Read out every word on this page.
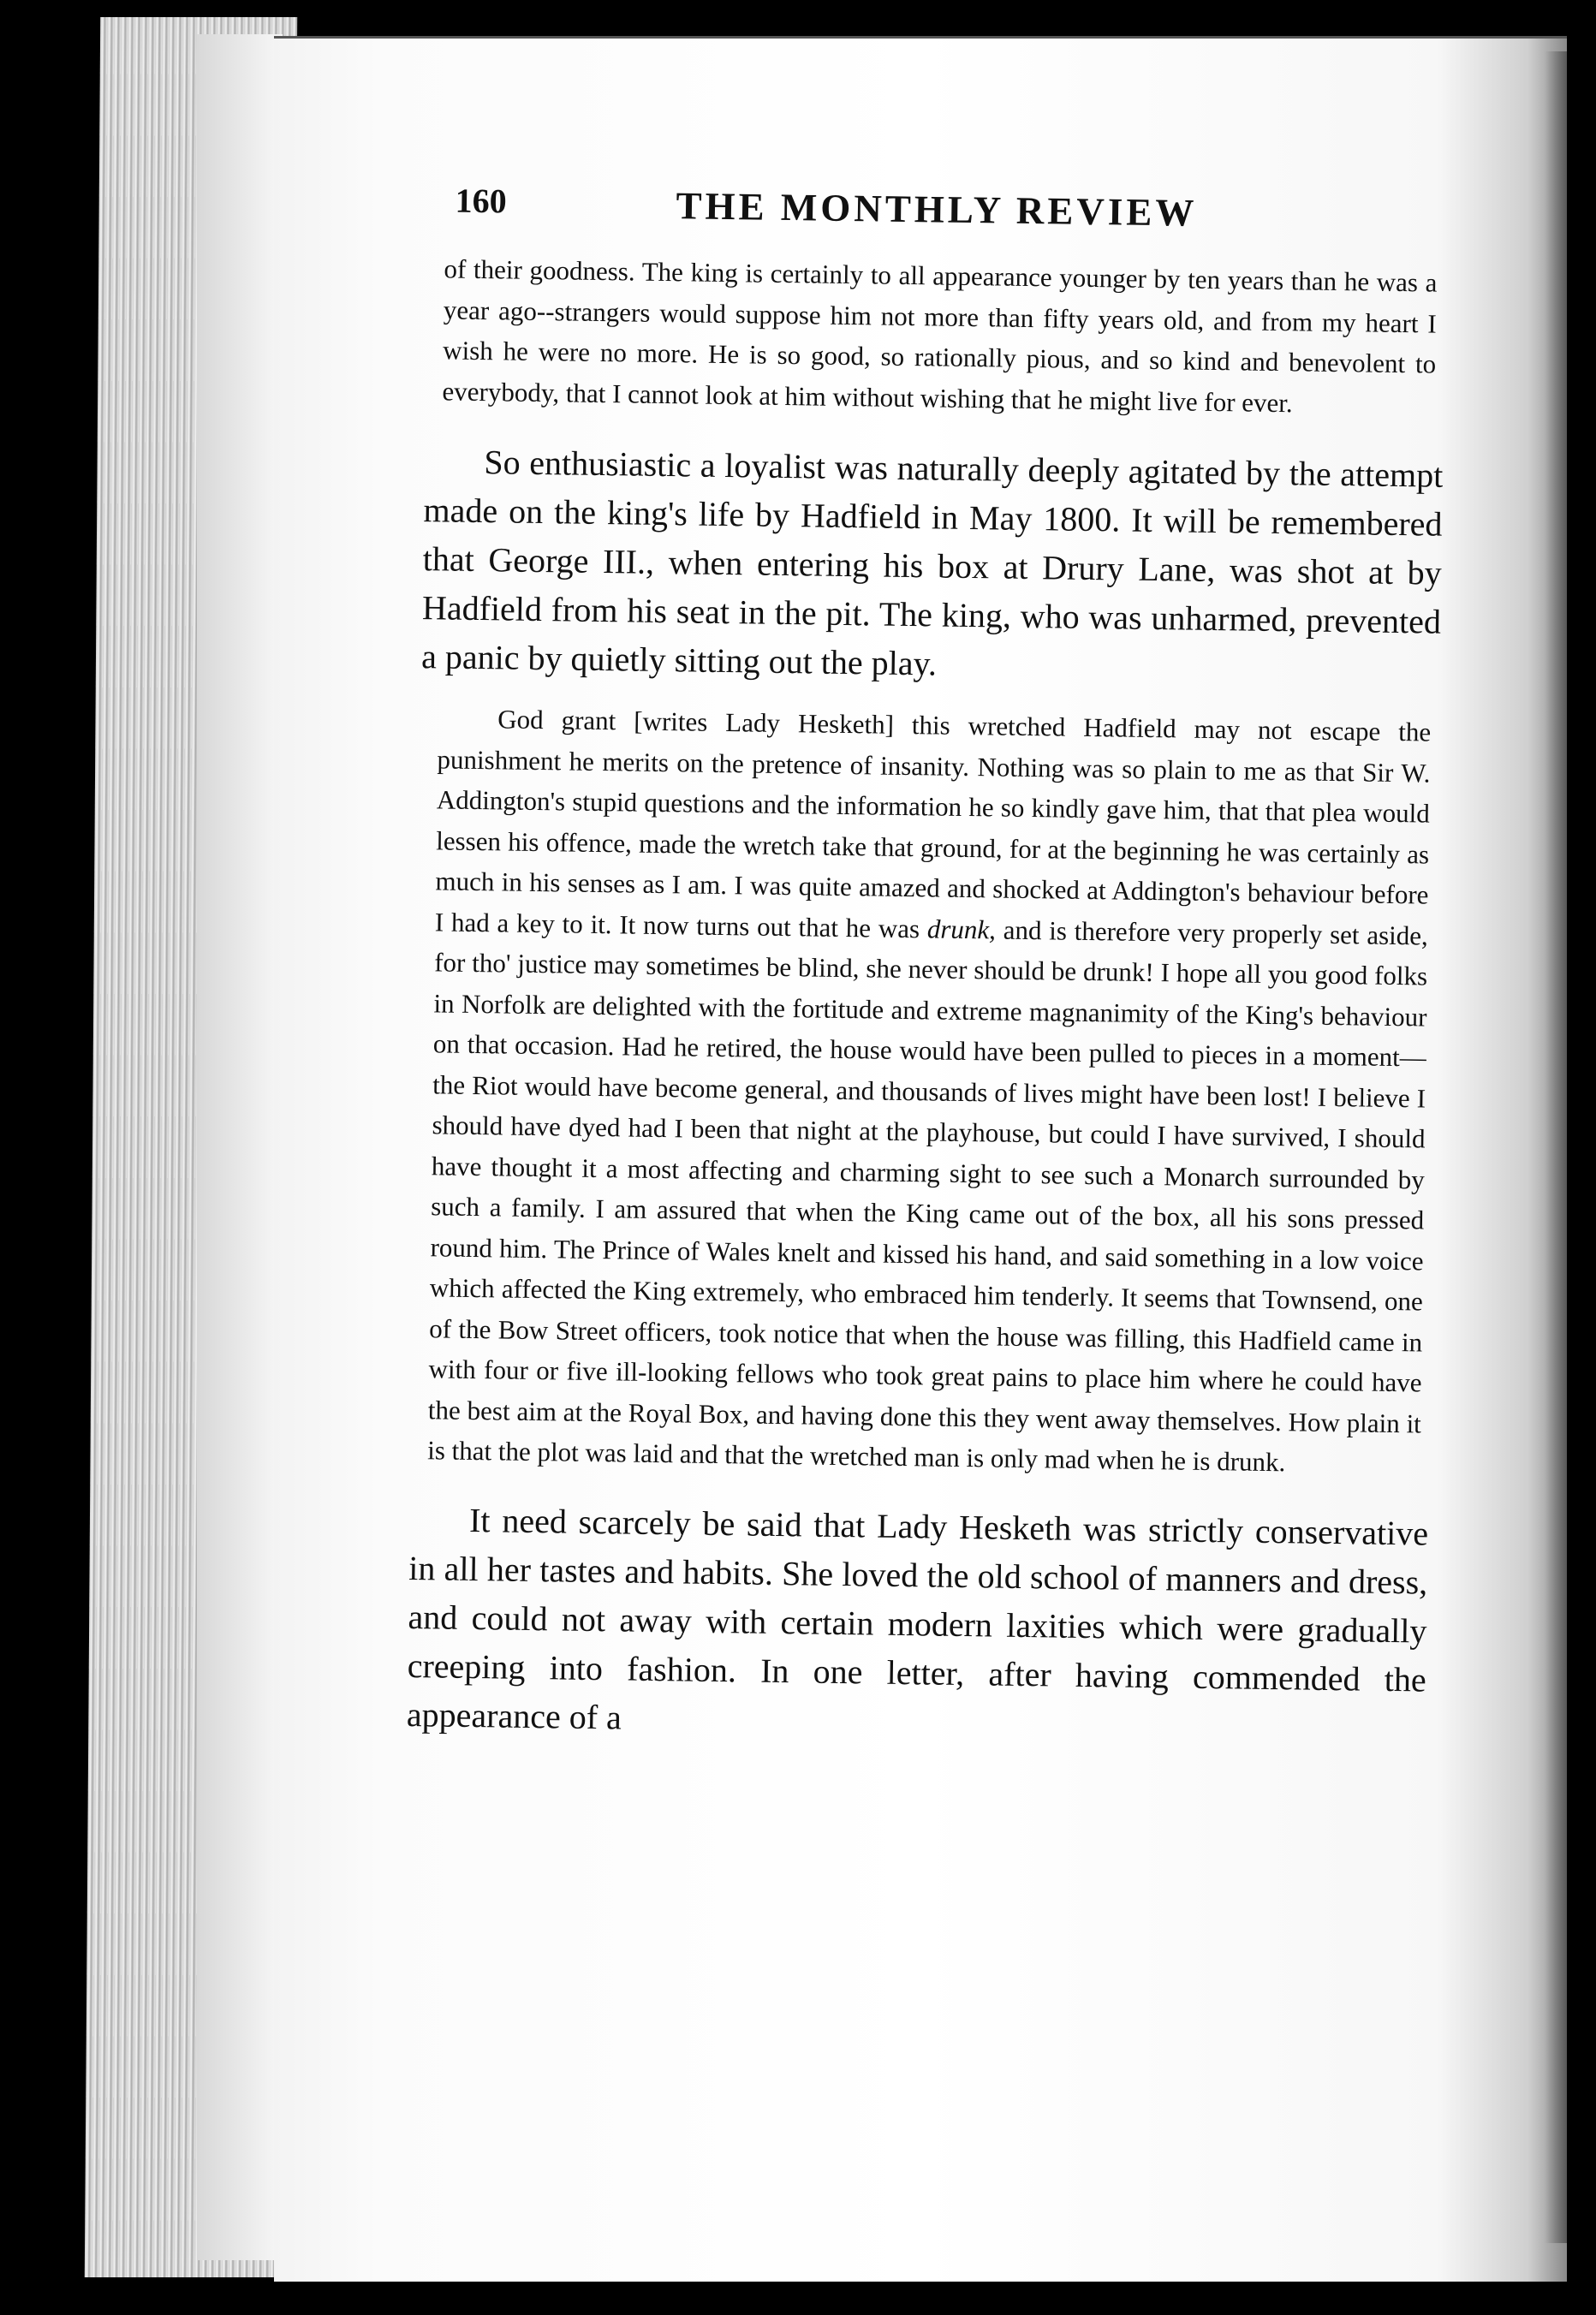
160	THE MONTHLY REVIEW

of their goodness. The king is certainly to all appearance younger by ten years than he was a year ago--strangers would suppose him not more than fifty years old, and from my heart I wish he were no more. He is so good, so rationally pious, and so kind and benevolent to everybody, that I cannot look at him without wishing that he might live for ever.

So enthusiastic a loyalist was naturally deeply agitated by the attempt made on the king's life by Hadfield in May 1800. It will be remembered that George III., when entering his box at Drury Lane, was shot at by Hadfield from his seat in the pit. The king, who was unharmed, prevented a panic by quietly sitting out the play.

God grant [writes Lady Hesketh] this wretched Hadfield may not escape the punishment he merits on the pretence of insanity. Nothing was so plain to me as that Sir W. Addington's stupid questions and the information he so kindly gave him, that that plea would lessen his offence, made the wretch take that ground, for at the beginning he was certainly as much in his senses as I am. I was quite amazed and shocked at Addington's behaviour before I had a key to it. It now turns out that he was drunk, and is therefore very properly set aside, for tho' justice may sometimes be blind, she never should be drunk! I hope all you good folks in Norfolk are delighted with the fortitude and extreme magnanimity of the King's behaviour on that occasion. Had he retired, the house would have been pulled to pieces in a moment—the Riot would have become general, and thousands of lives might have been lost! I believe I should have dyed had I been that night at the playhouse, but could I have survived, I should have thought it a most affecting and charming sight to see such a Monarch surrounded by such a family. I am assured that when the King came out of the box, all his sons pressed round him. The Prince of Wales knelt and kissed his hand, and said something in a low voice which affected the King extremely, who embraced him tenderly. It seems that Townsend, one of the Bow Street officers, took notice that when the house was filling, this Hadfield came in with four or five ill-looking fellows who took great pains to place him where he could have the best aim at the Royal Box, and having done this they went away themselves. How plain it is that the plot was laid and that the wretched man is only mad when he is drunk.

It need scarcely be said that Lady Hesketh was strictly conservative in all her tastes and habits. She loved the old school of manners and dress, and could not away with certain modern laxities which were gradually creeping into fashion. In one letter, after having commended the appearance of a
